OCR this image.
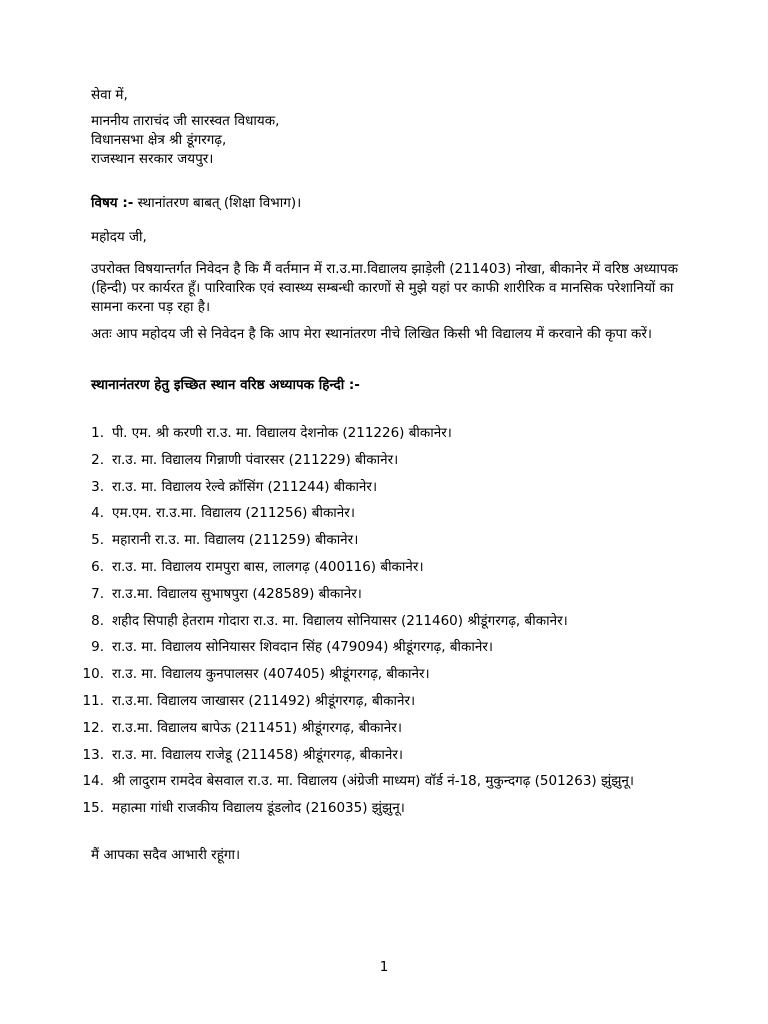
सेवा में,

माननीय ताराचंद जी सारस्वत विधायक,
विधानसभा क्षेत्र श्री डूंगरगढ़,
राजस्थान सरकार जयपुर।

विषय :- स्थानांतरण बाबत् (शिक्षा विभाग)।

महोदय जी,

उपरोक्त विषयान्तर्गत निवेदन है कि मैं वर्तमान में रा.उ.मा.विद्यालय झाड़ेली (211403) नोखा, बीकानेर में वरिष्ठ अध्यापक (हिन्दी) पर कार्यरत हूँ। पारिवारिक एवं स्वास्थ्य सम्बन्धी कारणों से मुझे यहां पर काफी शारीरिक व मानसिक परेशानियों का सामना करना पड़ रहा है।

अतः आप महोदय जी से निवेदन है कि आप मेरा स्थानांतरण नीचे लिखित किसी भी विद्यालय में करवाने की कृपा करें।

स्थानानंतरण हेतु इच्छित स्थान वरिष्ठ अध्यापक हिन्दी :-

1. पी. एम. श्री करणी रा.उ. मा. विद्यालय देशनोक (211226) बीकानेर।
2. रा.उ. मा. विद्यालय गिन्नाणी पंवारसर (211229) बीकानेर।
3. रा.उ. मा. विद्यालय रेल्वे क्रॉसिंग (211244) बीकानेर।
4. एम.एम. रा.उ.मा. विद्यालय (211256) बीकानेर।
5. महारानी रा.उ. मा. विद्यालय (211259) बीकानेर।
6. रा.उ. मा. विद्यालय रामपुरा बास, लालगढ़ (400116) बीकानेर।
7. रा.उ.मा. विद्यालय सुभाषपुरा (428589) बीकानेर।
8. शहीद सिपाही हेतराम गोदारा रा.उ. मा. विद्यालय सोनियासर (211460) श्रीडूंगरगढ़, बीकानेर।
9. रा.उ. मा. विद्यालय सोनियासर शिवदान सिंह (479094) श्रीडूंगरगढ़, बीकानेर।
10. रा.उ. मा. विद्यालय कुनपालसर (407405) श्रीडूंगरगढ़, बीकानेर।
11. रा.उ.मा. विद्यालय जाखासर (211492) श्रीडूंगरगढ़, बीकानेर।
12. रा.उ.मा. विद्यालय बापेऊ (211451) श्रीडूंगरगढ़, बीकानेर।
13. रा.उ. मा. विद्यालय राजेडू (211458) श्रीडूंगरगढ़, बीकानेर।
14. श्री लादुराम रामदेव बेसवाल रा.उ. मा. विद्यालय (अंग्रेजी माध्यम) वॉर्ड नं-18, मुकुन्दगढ़ (501263) झुंझुनू।
15. महात्मा गांधी राजकीय विद्यालय डूंडलोद (216035) झुंझुनू।

मैं आपका सदैव आभारी रहूंगा।

1
